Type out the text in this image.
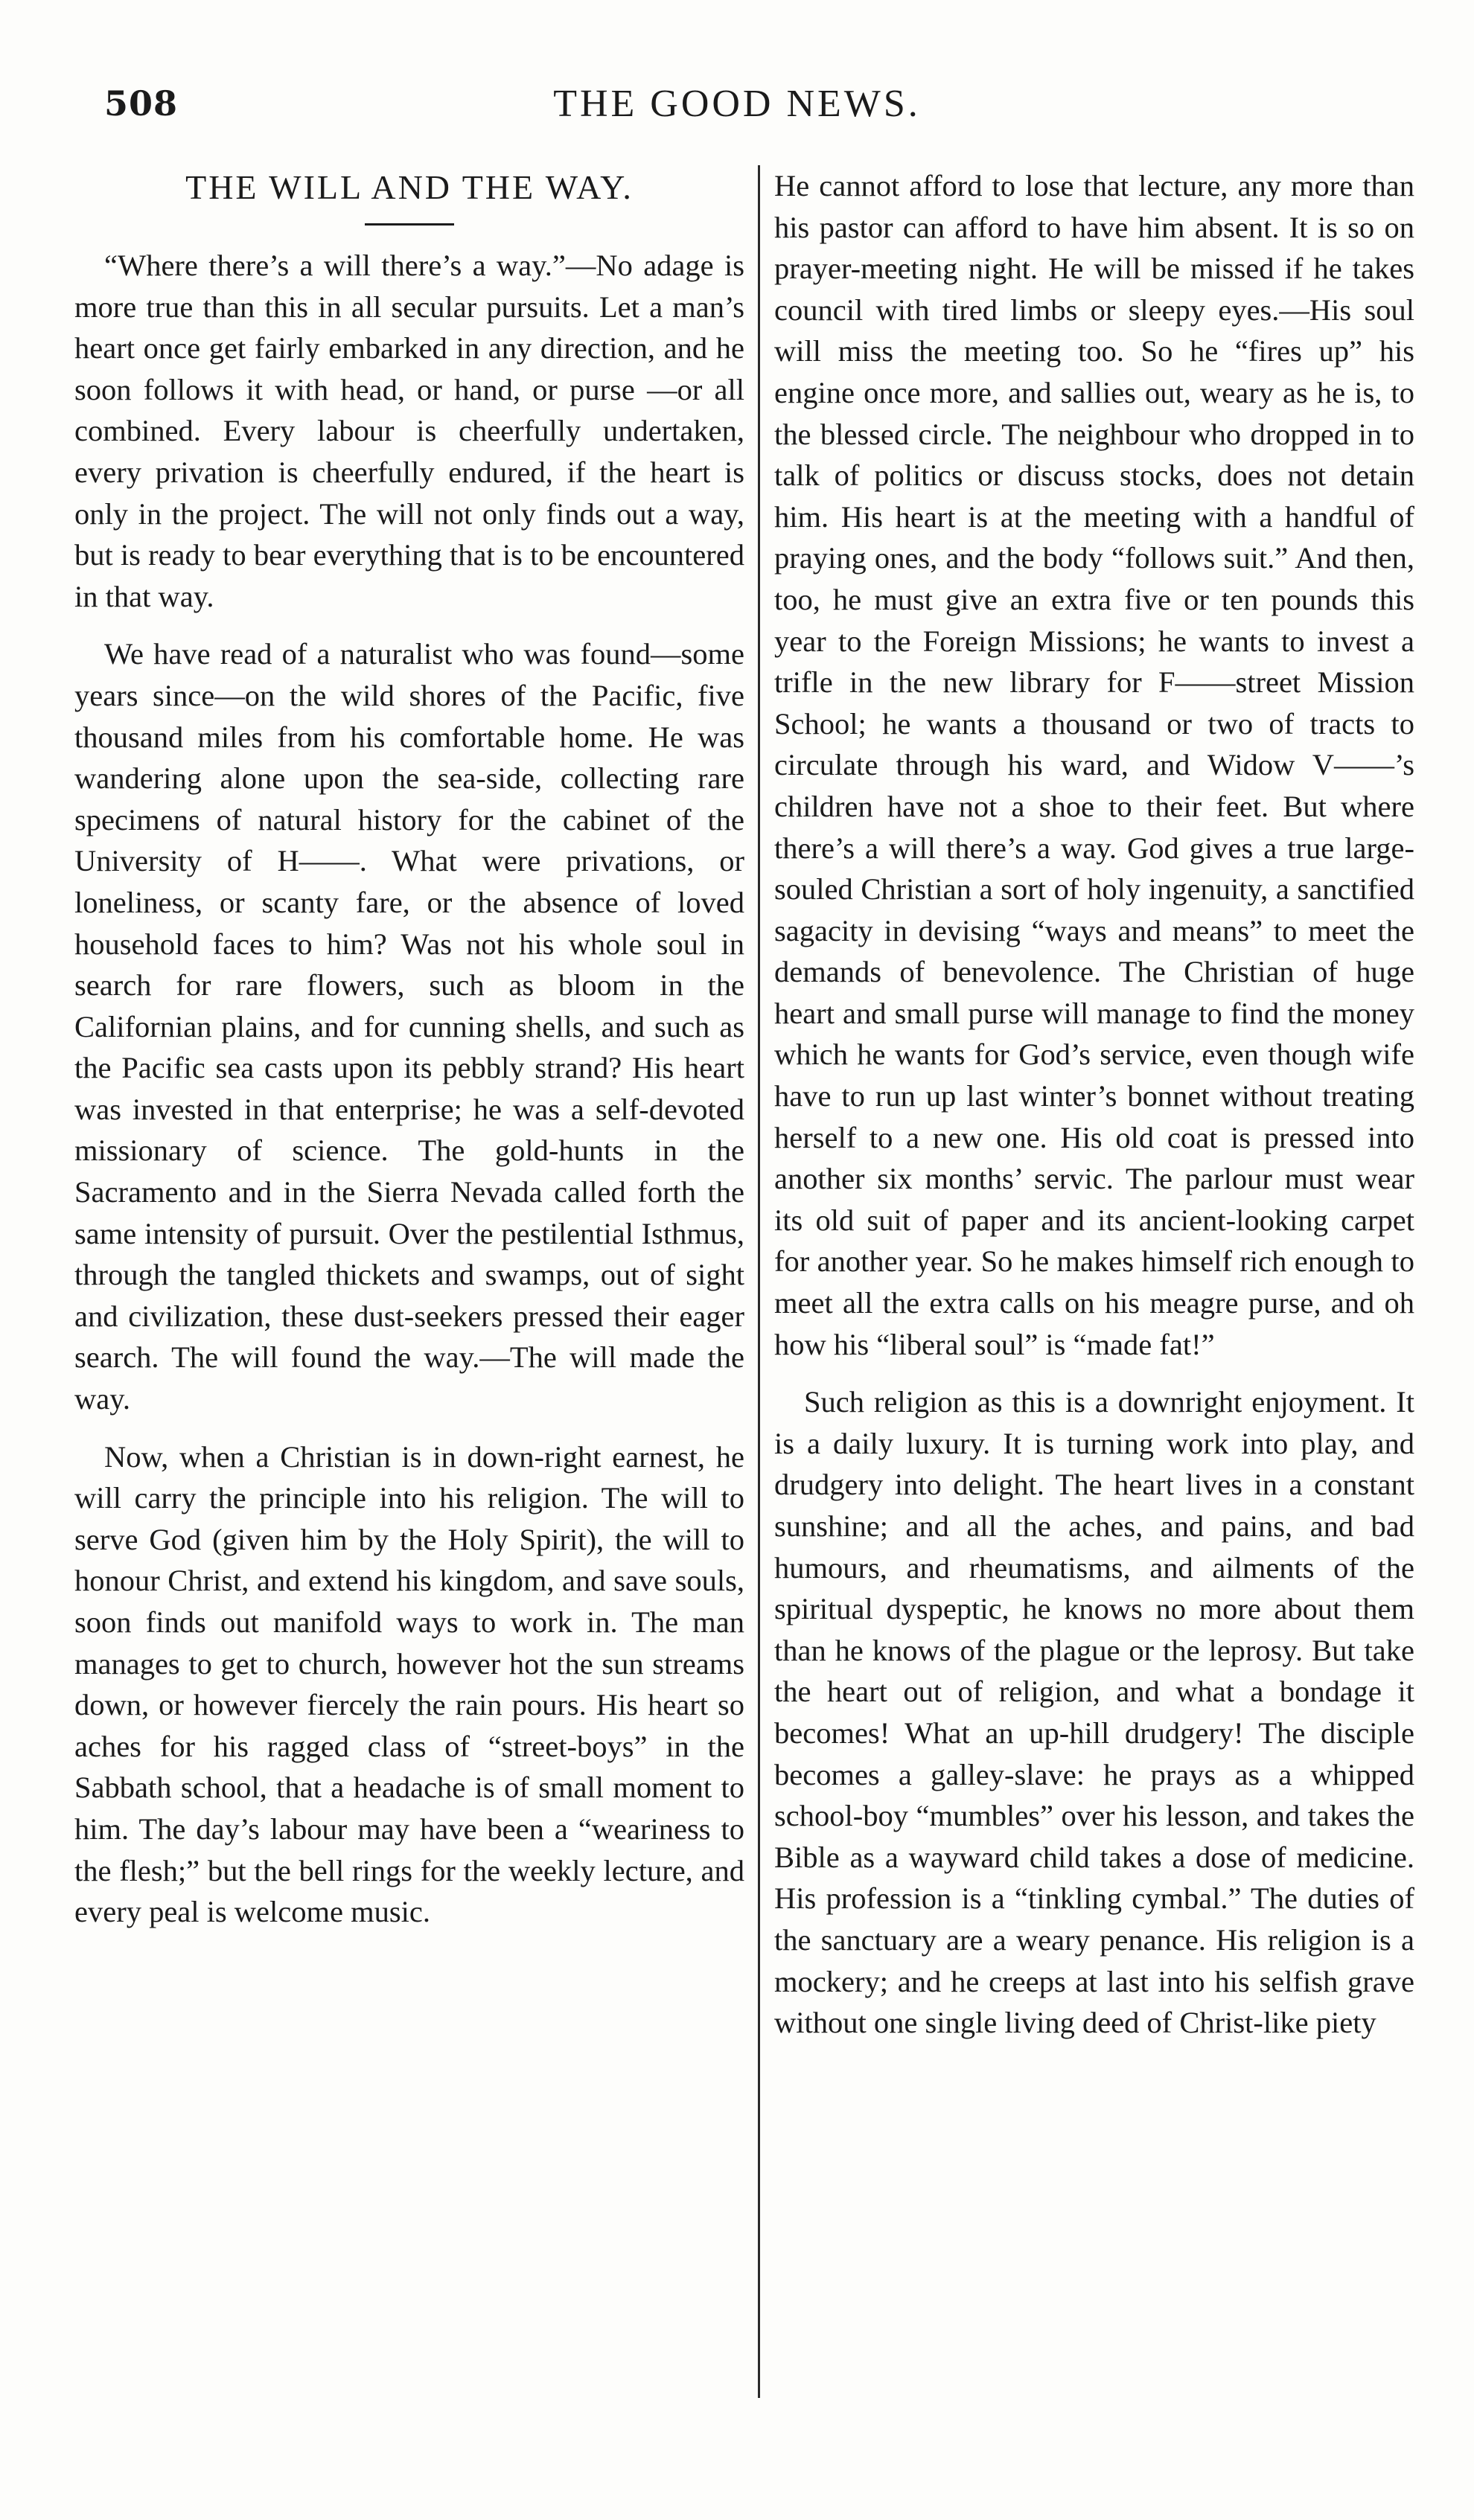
508	THE GOOD NEWS.
THE WILL AND THE WAY.

“Where there’s a will there’s a way.”—No adage is more true than this in all secular pursuits. Let a man’s heart once get fairly embarked in any direction, and he soon follows it with head, or hand, or purse —or all combined. Every labour is cheerfully undertaken, every privation is cheerfully endured, if the heart is only in the project. The will not only finds out a way, but is ready to bear everything that is to be encountered in that way.

We have read of a naturalist who was found—some years since—on the wild shores of the Pacific, five thousand miles from his comfortable home. He was wandering alone upon the sea-side, collecting rare specimens of natural history for the cabinet of the University of H——. What were privations, or loneliness, or scanty fare, or the absence of loved household faces to him? Was not his whole soul in search for rare flowers, such as bloom in the Californian plains, and for cunning shells, and such as the Pacific sea casts upon its pebbly strand? His heart was invested in that enterprise; he was a self-devoted missionary of science. The gold-hunts in the Sacramento and in the Sierra Nevada called forth the same intensity of pursuit. Over the pestilential Isthmus, through the tangled thickets and swamps, out of sight and civilization, these dust-seekers pressed their eager search. The will found the way.—The will made the way.

Now, when a Christian is in down-right earnest, he will carry the principle into his religion. The will to serve God (given him by the Holy Spirit), the will to honour Christ, and extend his kingdom, and save souls, soon finds out manifold ways to work in. The man manages to get to church, however hot the sun streams down, or however fiercely the rain pours. His heart so aches for his ragged class of “street-boys” in the Sabbath school, that a headache is of small moment to him. The day’s labour may have been a “weariness to the flesh;” but the bell rings for the weekly lecture, and every peal is welcome music.

He cannot afford to lose that lecture, any more than his pastor can afford to have him absent. It is so on prayer-meeting night. He will be missed if he takes council with tired limbs or sleepy eyes.—His soul will miss the meeting too. So he “fires up” his engine once more, and sallies out, weary as he is, to the blessed circle. The neighbour who dropped in to talk of politics or discuss stocks, does not detain him. His heart is at the meeting with a handful of praying ones, and the body “follows suit.” And then, too, he must give an extra five or ten pounds this year to the Foreign Missions; he wants to invest a trifle in the new library for F——street Mission School; he wants a thousand or two of tracts to circulate through his ward, and Widow V——’s children have not a shoe to their feet. But where there’s a will there’s a way. God gives a true large-souled Christian a sort of holy ingenuity, a sanctified sagacity in devising “ways and means” to meet the demands of benevolence. The Christian of huge heart and small purse will manage to find the money which he wants for God’s service, even though wife have to run up last winter’s bonnet without treating herself to a new one. His old coat is pressed into another six months’ servic. The parlour must wear its old suit of paper and its ancient-looking carpet for another year. So he makes himself rich enough to meet all the extra calls on his meagre purse, and oh how his “liberal soul” is “made fat!”

Such religion as this is a downright enjoyment. It is a daily luxury. It is turning work into play, and drudgery into delight. The heart lives in a constant sunshine; and all the aches, and pains, and bad humours, and rheumatisms, and ailments of the spiritual dyspeptic, he knows no more about them than he knows of the plague or the leprosy. But take the heart out of religion, and what a bondage it becomes! What an up-hill drudgery! The disciple becomes a galley-slave: he prays as a whipped school-boy “mumbles” over his lesson, and takes the Bible as a wayward child takes a dose of medicine. His profession is a “tinkling cymbal.” The duties of the sanctuary are a weary penance. His religion is a mockery; and he creeps at last into his selfish grave without one single living deed of Christ-like piety
